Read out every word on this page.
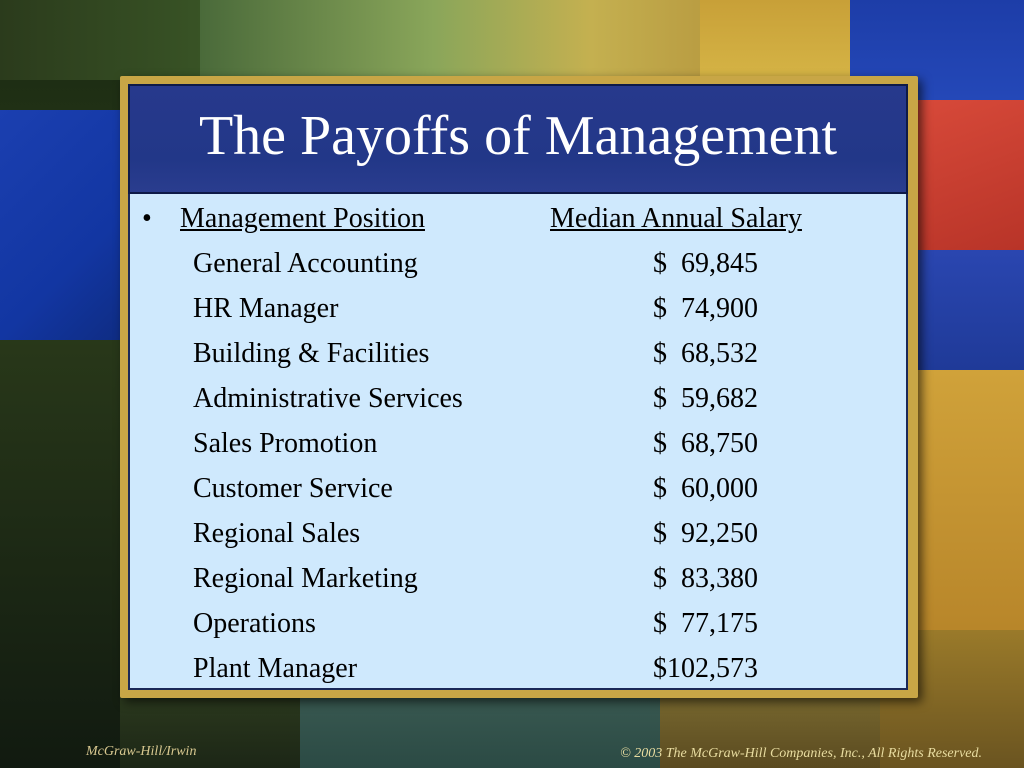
The Payoffs of Management
• Management Position	Median Annual Salary
General Accounting	$  69,845
HR Manager	$  74,900
Building & Facilities	$  68,532
Administrative Services	$  59,682
Sales Promotion	$  68,750
Customer Service	$  60,000
Regional Sales	$  92,250
Regional Marketing	$  83,380
Operations	$  77,175
Plant Manager	$102,573
McGraw-Hill/Irwin	© 2003 The McGraw-Hill Companies, Inc., All Rights Reserved.
